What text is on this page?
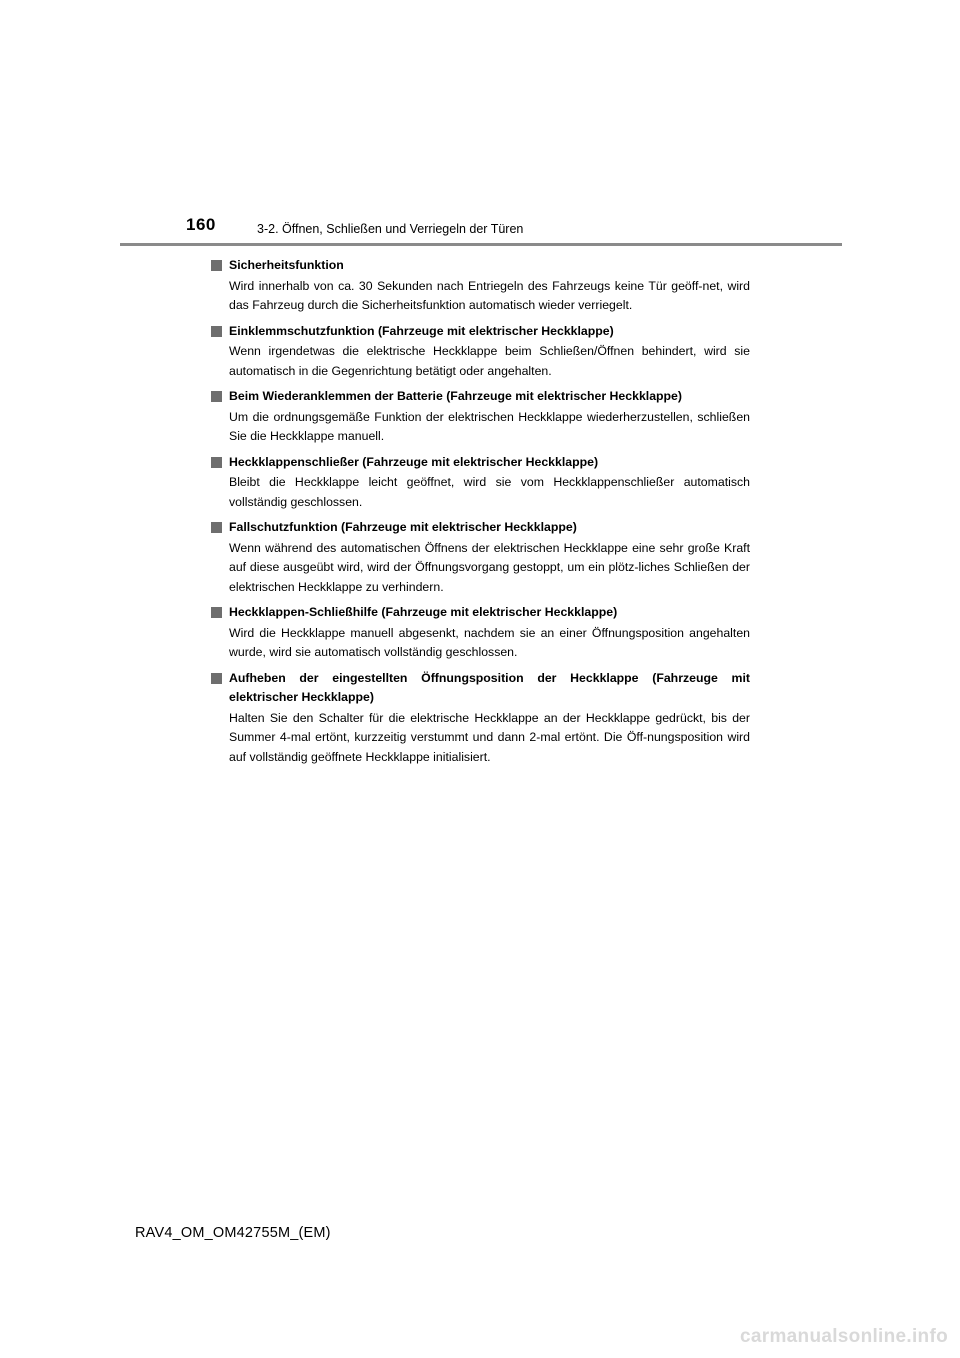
160	3-2. Öffnen, Schließen und Verriegeln der Türen
Sicherheitsfunktion
Wird innerhalb von ca. 30 Sekunden nach Entriegeln des Fahrzeugs keine Tür geöff-net, wird das Fahrzeug durch die Sicherheitsfunktion automatisch wieder verriegelt.
Einklemmschutzfunktion (Fahrzeuge mit elektrischer Heckklappe)
Wenn irgendetwas die elektrische Heckklappe beim Schließen/Öffnen behindert, wird sie automatisch in die Gegenrichtung betätigt oder angehalten.
Beim Wiederanklemmen der Batterie (Fahrzeuge mit elektrischer Heckklappe)
Um die ordnungsgemäße Funktion der elektrischen Heckklappe wiederherzustellen, schließen Sie die Heckklappe manuell.
Heckklappenschließer (Fahrzeuge mit elektrischer Heckklappe)
Bleibt die Heckklappe leicht geöffnet, wird sie vom Heckklappenschließer automatisch vollständig geschlossen.
Fallschutzfunktion (Fahrzeuge mit elektrischer Heckklappe)
Wenn während des automatischen Öffnens der elektrischen Heckklappe eine sehr große Kraft auf diese ausgeübt wird, wird der Öffnungsvorgang gestoppt, um ein plötz-liches Schließen der elektrischen Heckklappe zu verhindern.
Heckklappen-Schließhilfe (Fahrzeuge mit elektrischer Heckklappe)
Wird die Heckklappe manuell abgesenkt, nachdem sie an einer Öffnungsposition angehalten wurde, wird sie automatisch vollständig geschlossen.
Aufheben der eingestellten Öffnungsposition der Heckklappe (Fahrzeuge mit elektrischer Heckklappe)
Halten Sie den Schalter für die elektrische Heckklappe an der Heckklappe gedrückt, bis der Summer 4-mal ertönt, kurzzeitig verstummt und dann 2-mal ertönt. Die Öff-nungsposition wird auf vollständig geöffnete Heckklappe initialisiert.
RAV4_OM_OM42755M_(EM)
carmanualsonline.info
